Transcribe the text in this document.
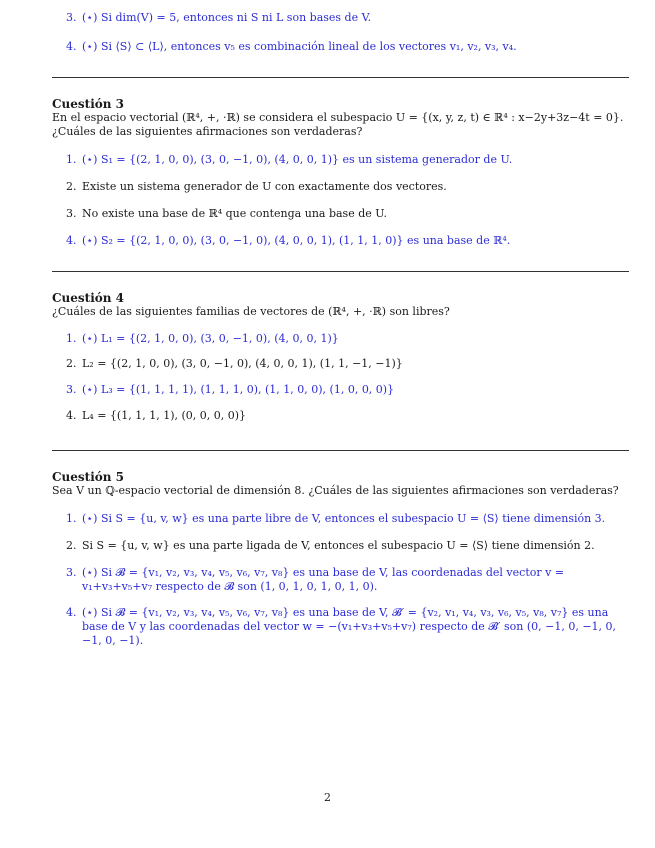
3. (⋆) Si dim(V) = 5, entonces ni S ni L son bases de V.
4. (⋆) Si ⟨S⟩ ⊂ ⟨L⟩, entonces v₅ es combinación lineal de los vectores v₁, v₂, v₃, v₄.
Cuestión 3
En el espacio vectorial (ℝ⁴, +, ·ℝ) se considera el subespacio U = {(x, y, z, t) ∈ ℝ⁴ : x−2y+3z−4t = 0}.
¿Cuáles de las siguientes afirmaciones son verdaderas?
1. (⋆) S₁ = {(2, 1, 0, 0), (3, 0, −1, 0), (4, 0, 0, 1)} es un sistema generador de U.
2. Existe un sistema generador de U con exactamente dos vectores.
3. No existe una base de ℝ⁴ que contenga una base de U.
4. (⋆) S₂ = {(2, 1, 0, 0), (3, 0, −1, 0), (4, 0, 0, 1), (1, 1, 1, 0)} es una base de ℝ⁴.
Cuestión 4
¿Cuáles de las siguientes familias de vectores de (ℝ⁴, +, ·ℝ) son libres?
1. (⋆) L₁ = {(2, 1, 0, 0), (3, 0, −1, 0), (4, 0, 0, 1)}
2. L₂ = {(2, 1, 0, 0), (3, 0, −1, 0), (4, 0, 0, 1), (1, 1, −1, −1)}
3. (⋆) L₃ = {(1, 1, 1, 1), (1, 1, 1, 0), (1, 1, 0, 0), (1, 0, 0, 0)}
4. L₄ = {(1, 1, 1, 1), (0, 0, 0, 0)}
Cuestión 5
Sea V un ℚ-espacio vectorial de dimensión 8. ¿Cuáles de las siguientes afirmaciones son verdaderas?
1. (⋆) Si S = {u, v, w} es una parte libre de V, entonces el subespacio U = ⟨S⟩ tiene dimensión 3.
2. Si S = {u, v, w} es una parte ligada de V, entonces el subespacio U = ⟨S⟩ tiene dimensión 2.
3. (⋆) Si 𝓑 = {v₁, v₂, v₃, v₄, v₅, v₆, v₇, v₈} es una base de V, las coordenadas del vector v = v₁+v₃+v₅+v₇ respecto de 𝓑 son (1, 0, 1, 0, 1, 0, 1, 0).
4. (⋆) Si 𝓑 = {v₁, v₂, v₃, v₄, v₅, v₆, v₇, v₈} es una base de V, 𝓑′ = {v₂, v₁, v₄, v₃, v₆, v₅, v₈, v₇} es una base de V y las coordenadas del vector w = −(v₁+v₃+v₅+v₇) respecto de 𝓑′ son (0, −1, 0, −1, 0, −1, 0, −1).
2
